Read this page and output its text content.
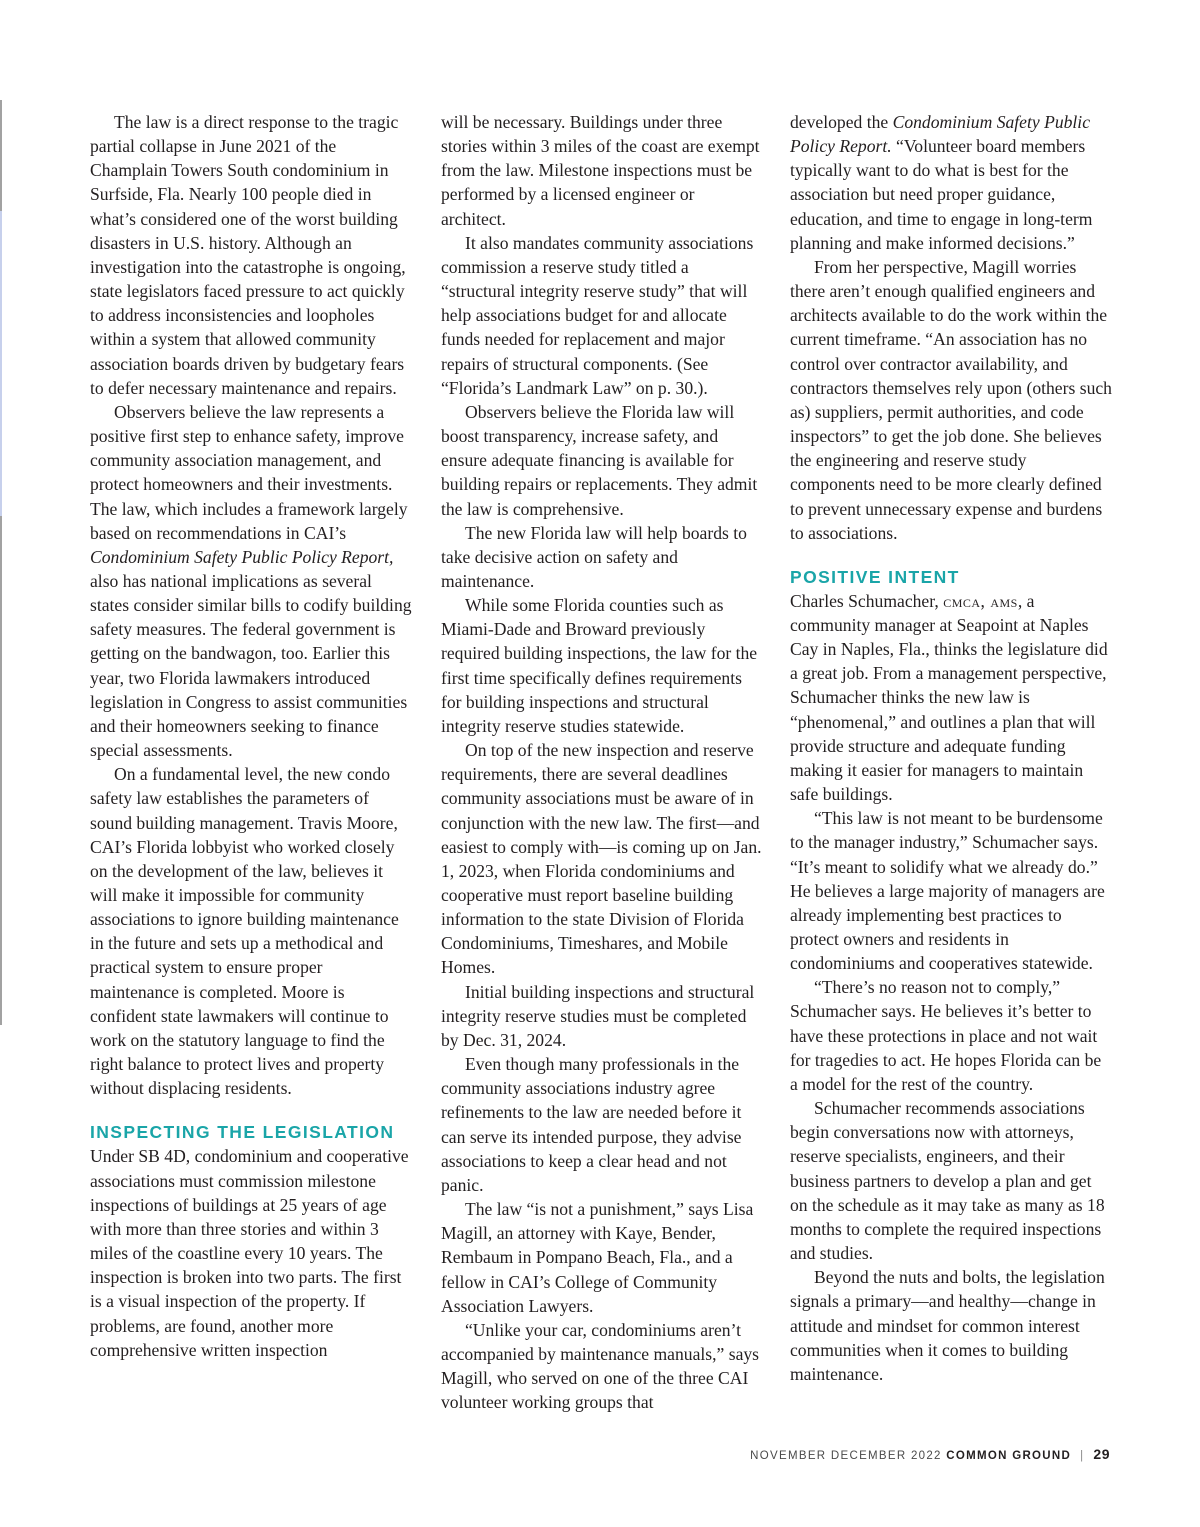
The law is a direct response to the tragic partial collapse in June 2021 of the Champlain Towers South condominium in Surfside, Fla. Nearly 100 people died in what’s considered one of the worst building disasters in U.S. history. Although an investigation into the catastrophe is ongoing, state legislators faced pressure to act quickly to address inconsistencies and loopholes within a system that allowed community association boards driven by budgetary fears to defer necessary maintenance and repairs.

Observers believe the law represents a positive first step to enhance safety, improve community association management, and protect homeowners and their investments. The law, which includes a framework largely based on recommendations in CAI’s Condominium Safety Public Policy Report, also has national implications as several states consider similar bills to codify building safety measures. The federal government is getting on the bandwagon, too. Earlier this year, two Florida lawmakers introduced legislation in Congress to assist communities and their homeowners seeking to finance special assessments.

On a fundamental level, the new condo safety law establishes the parameters of sound building management. Travis Moore, CAI’s Florida lobbyist who worked closely on the development of the law, believes it will make it impossible for community associations to ignore building maintenance in the future and sets up a methodical and practical system to ensure proper maintenance is completed. Moore is confident state lawmakers will continue to work on the statutory language to find the right balance to protect lives and property without displacing residents.

INSPECTING THE LEGISLATION

Under SB 4D, condominium and cooperative associations must commission milestone inspections of buildings at 25 years of age with more than three stories and within 3 miles of the coastline every 10 years. The inspection is broken into two parts. The first is a visual inspection of the property. If problems, are found, another more comprehensive written inspection

will be necessary. Buildings under three stories within 3 miles of the coast are exempt from the law. Milestone inspections must be performed by a licensed engineer or architect.

It also mandates community associations commission a reserve study titled a “structural integrity reserve study” that will help associations budget for and allocate funds needed for replacement and major repairs of structural components. (See “Florida’s Landmark Law” on p. 30.).

Observers believe the Florida law will boost transparency, increase safety, and ensure adequate financing is available for building repairs or replacements. They admit the law is comprehensive.

The new Florida law will help boards to take decisive action on safety and maintenance.

While some Florida counties such as Miami-Dade and Broward previously required building inspections, the law for the first time specifically defines requirements for building inspections and structural integrity reserve studies statewide.

On top of the new inspection and reserve requirements, there are several deadlines community associations must be aware of in conjunction with the new law. The first—and easiest to comply with—is coming up on Jan. 1, 2023, when Florida condominiums and cooperative must report baseline building information to the state Division of Florida Condominiums, Timeshares, and Mobile Homes.

Initial building inspections and structural integrity reserve studies must be completed by Dec. 31, 2024.

Even though many professionals in the community associations industry agree refinements to the law are needed before it can serve its intended purpose, they advise associations to keep a clear head and not panic.

The law “is not a punishment,” says Lisa Magill, an attorney with Kaye, Bender, Rembaum in Pompano Beach, Fla., and a fellow in CAI’s College of Community Association Lawyers.

“Unlike your car, condominiums aren’t accompanied by maintenance manuals,” says Magill, who served on one of the three CAI volunteer working groups that

developed the Condominium Safety Public Policy Report. “Volunteer board members typically want to do what is best for the association but need proper guidance, education, and time to engage in long-term planning and make informed decisions.”

From her perspective, Magill worries there aren’t enough qualified engineers and architects available to do the work within the current timeframe. “An association has no control over contractor availability, and contractors themselves rely upon (others such as) suppliers, permit authorities, and code inspectors” to get the job done. She believes the engineering and reserve study components need to be more clearly defined to prevent unnecessary expense and burdens to associations.

POSITIVE INTENT

Charles Schumacher, cmca, ams, a community manager at Seapoint at Naples Cay in Naples, Fla., thinks the legislature did a great job. From a management perspective, Schumacher thinks the new law is “phenomenal,” and outlines a plan that will provide structure and adequate funding making it easier for managers to maintain safe buildings.

“This law is not meant to be burdensome to the manager industry,” Schumacher says. “It’s meant to solidify what we already do.” He believes a large majority of managers are already implementing best practices to protect owners and residents in condominiums and cooperatives statewide.

“There’s no reason not to comply,” Schumacher says. He believes it’s better to have these protections in place and not wait for tragedies to act. He hopes Florida can be a model for the rest of the country.

Schumacher recommends associations begin conversations now with attorneys, reserve specialists, engineers, and their business partners to develop a plan and get on the schedule as it may take as many as 18 months to complete the required inspections and studies.

Beyond the nuts and bolts, the legislation signals a primary—and healthy—change in attitude and mindset for common interest communities when it comes to building maintenance.

NOVEMBER DECEMBER 2022 COMMON GROUND | 29
